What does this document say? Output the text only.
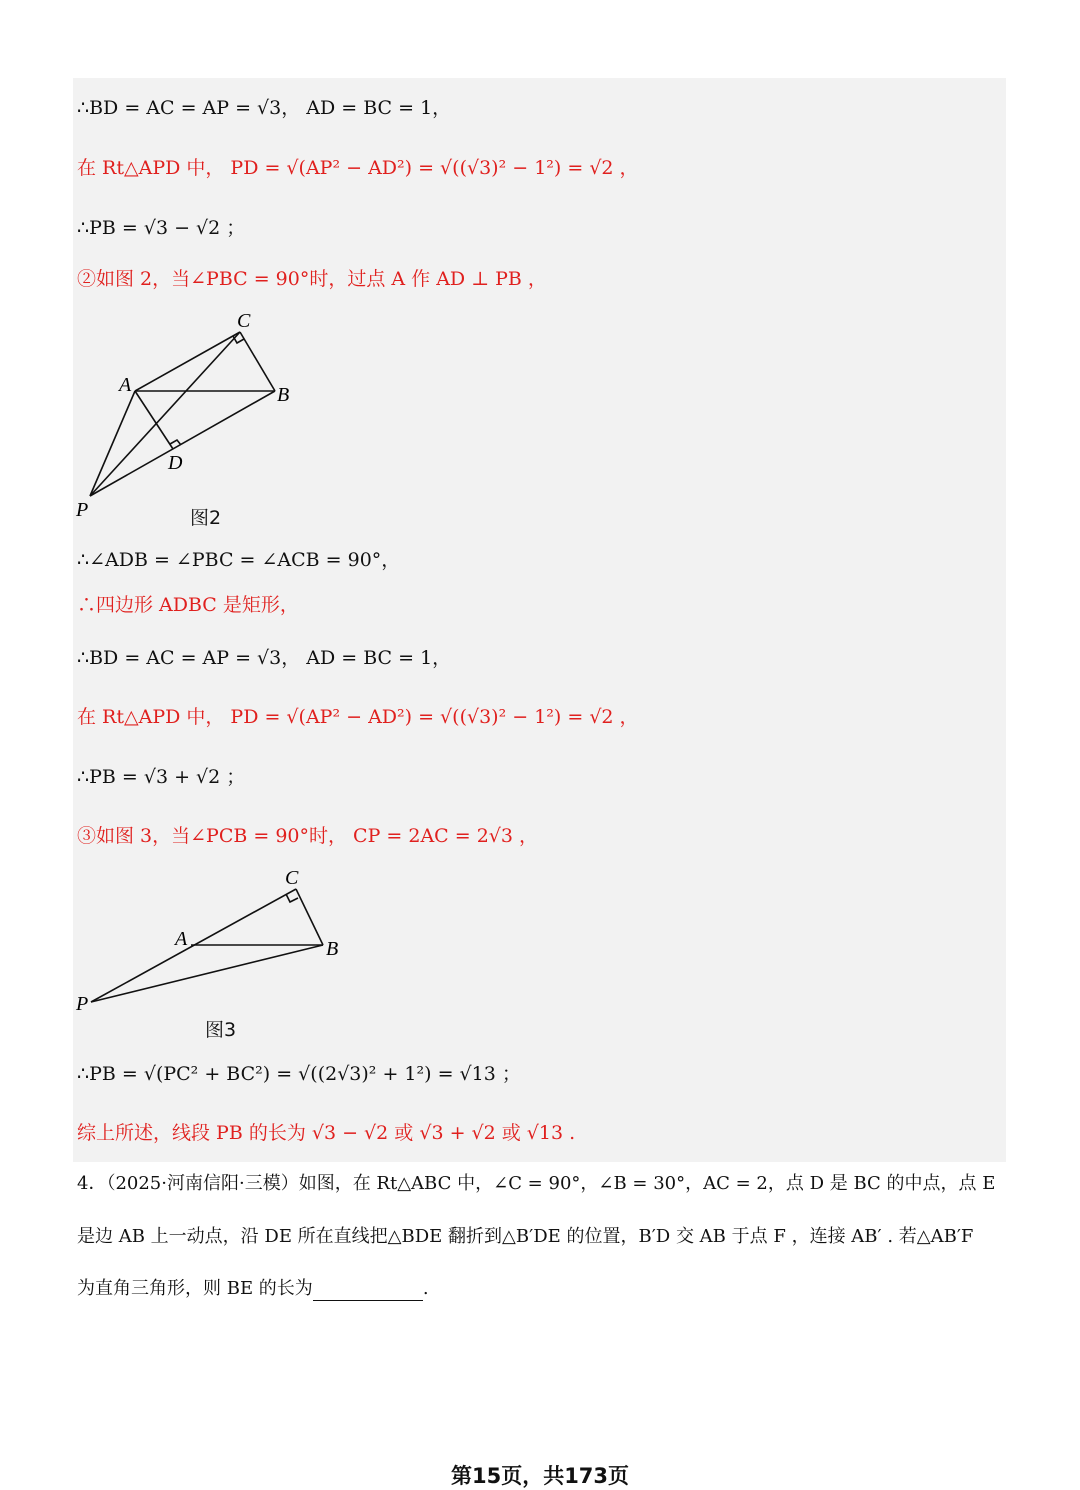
∴BD = AC = AP = √3， AD = BC = 1，
在 Rt△APD 中， PD = √(AP² − AD²) = √((√3)² − 1²) = √2 ，
∴PB = √3 − √2 ；
②如图 2，当∠PBC = 90°时，过点 A 作 AD ⊥ PB ，
C
A	B
D
P	图2
∴∠ADB = ∠PBC = ∠ACB = 90°，
∴四边形 ADBC 是矩形，
∴BD = AC = AP = √3， AD = BC = 1，
在 Rt△APD 中， PD = √(AP² − AD²) = √((√3)² − 1²) = √2 ，
∴PB = √3 + √2 ；
③如图 3，当∠PCB = 90°时， CP = 2AC = 2√3 ，
C
A	B
P
图3
∴PB = √(PC² + BC²) = √((2√3)² + 1²) = √13 ；
综上所述，线段 PB 的长为 √3 − √2 或 √3 + √2 或 √13 .
4．（2025·河南信阳·三模）如图，在 Rt△ABC 中，∠C = 90°，∠B = 30°，AC = 2，点 D 是 BC 的中点，点 E
是边 AB 上一动点，沿 DE 所在直线把△BDE 翻折到△B′DE 的位置，B′D 交 AB 于点 F ，连接 AB′ . 若△AB′F
为直角三角形，则 BE 的长为	.
第15页，共173页
